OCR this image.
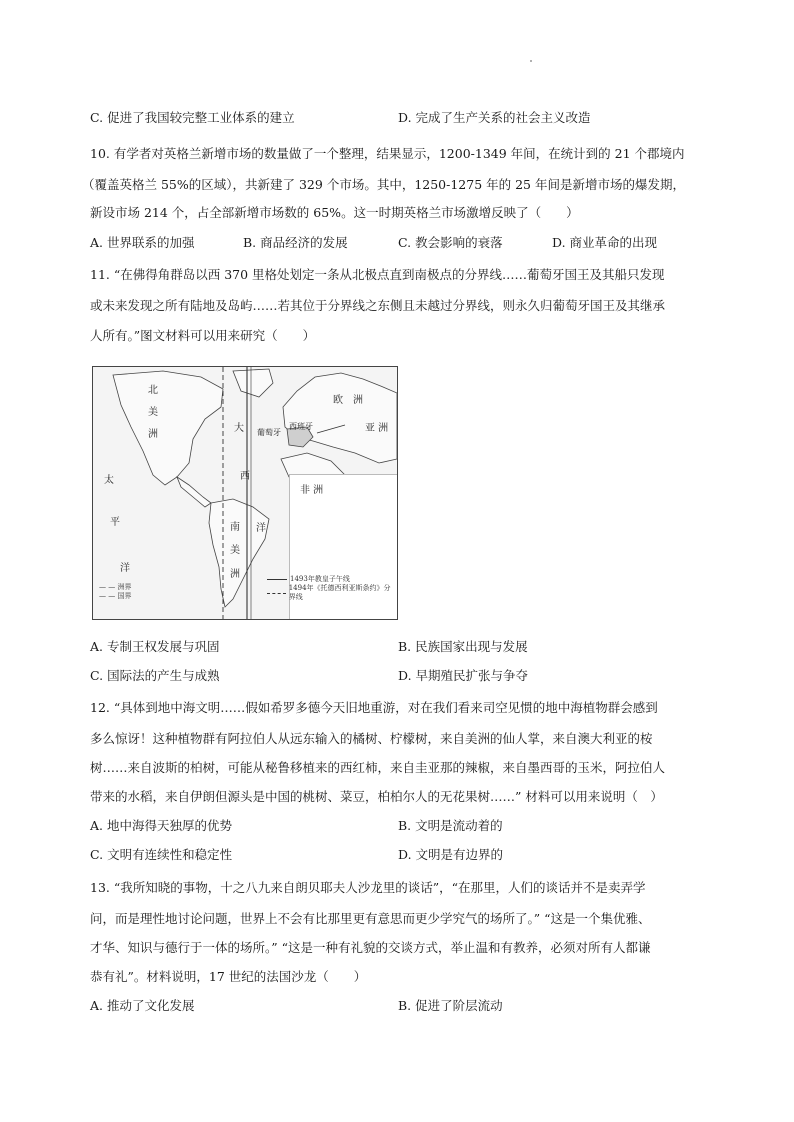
C. 促进了我国较完整工业体系的建立	D. 完成了生产关系的社会主义改造
10. 有学者对英格兰新增市场的数量做了一个整理，结果显示，1200-1349 年间，在统计到的 21 个郡境内
（覆盖英格兰 55%的区域），共新建了 329 个市场。其中，1250-1275 年的 25 年间是新增市场的爆发期，
新设市场 214 个，占全部新增市场数的 65%。这一时期英格兰市场激增反映了（　　）
A. 世界联系的加强	B. 商品经济的发展	C. 教会影响的衰落	D. 商业革命的出现
11. “在佛得角群岛以西 370 里格处划定一条从北极点直到南极点的分界线……葡萄牙国王及其船只发现
或未来发现之所有陆地及岛屿……若其位于分界线之东侧且未越过分界线，则永久归葡萄牙国王及其继承
人所有。”图文材料可以用来研究（　　）
北
美
洲
太
平
洋
南
美
洲
大
西
洋
欧　洲
亚 洲
葡萄牙
西班牙
非 洲
— — 洲界
— — 国界
1493年教皇子午线
1494年《托德西利亚斯条约》分界线
A. 专制王权发展与巩固	B. 民族国家出现与发展
C. 国际法的产生与成熟	D. 早期殖民扩张与争夺
12. “具体到地中海文明……假如希罗多德今天旧地重游，对在我们看来司空见惯的地中海植物群会感到
多么惊讶！这种植物群有阿拉伯人从远东输入的橘树、柠檬树，来自美洲的仙人掌，来自澳大利亚的桉
树……来自波斯的柏树，可能从秘鲁移植来的西红柿，来自圭亚那的辣椒，来自墨西哥的玉米，阿拉伯人
带来的水稻，来自伊朗但源头是中国的桃树、菜豆，柏柏尔人的无花果树……” 材料可以用来说明（　）
A. 地中海得天独厚的优势	B. 文明是流动着的
C. 文明有连续性和稳定性	D. 文明是有边界的
13. “我所知晓的事物，十之八九来自朗贝耶夫人沙龙里的谈话”，“在那里，人们的谈话并不是卖弄学
问，而是理性地讨论问题，世界上不会有比那里更有意思而更少学究气的场所了。” “这是一个集优雅、
才华、知识与德行于一体的场所。” “这是一种有礼貌的交谈方式，举止温和有教养，必须对所有人都谦
恭有礼”。材料说明，17 世纪的法国沙龙（　　）
A. 推动了文化发展	B. 促进了阶层流动
